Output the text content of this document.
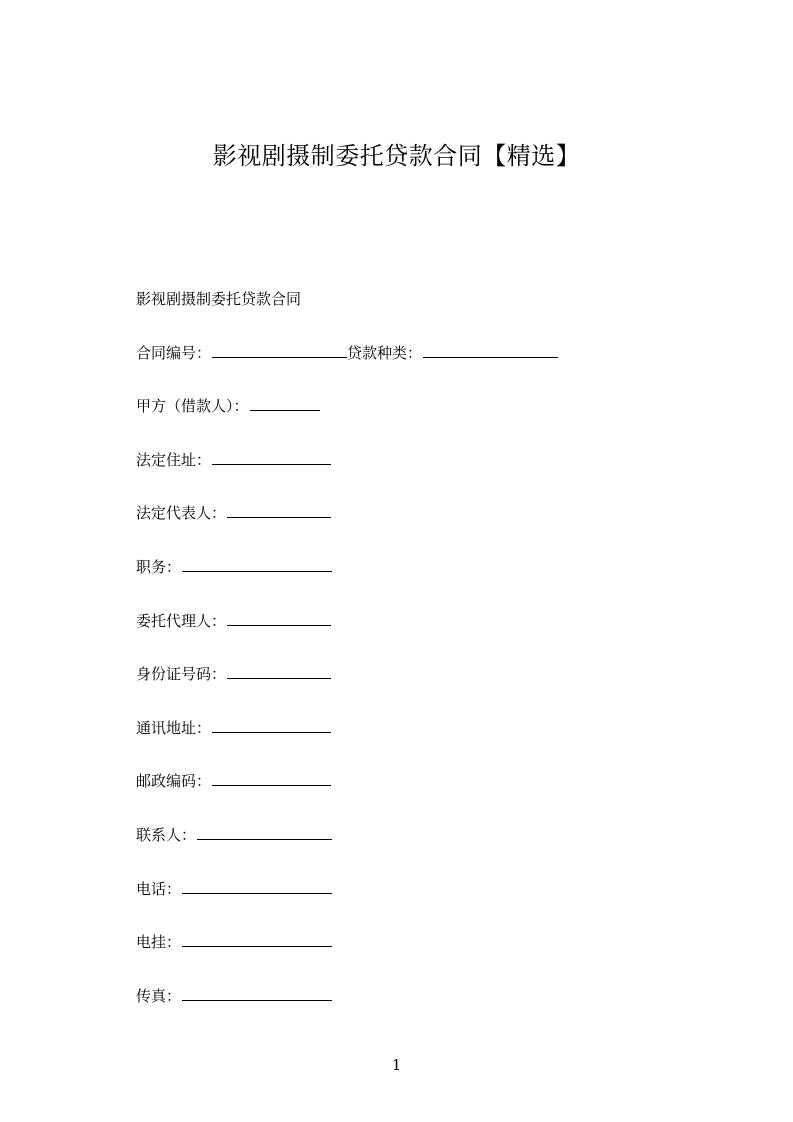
影视剧摄制委托贷款合同【精选】
影视剧摄制委托贷款合同
合同编号：	贷款种类：
甲方（借款人）：
法定住址：
法定代表人：
职务：
委托代理人：
身份证号码：
通讯地址：
邮政编码：
联系人：
电话：
电挂：
传真：
1
